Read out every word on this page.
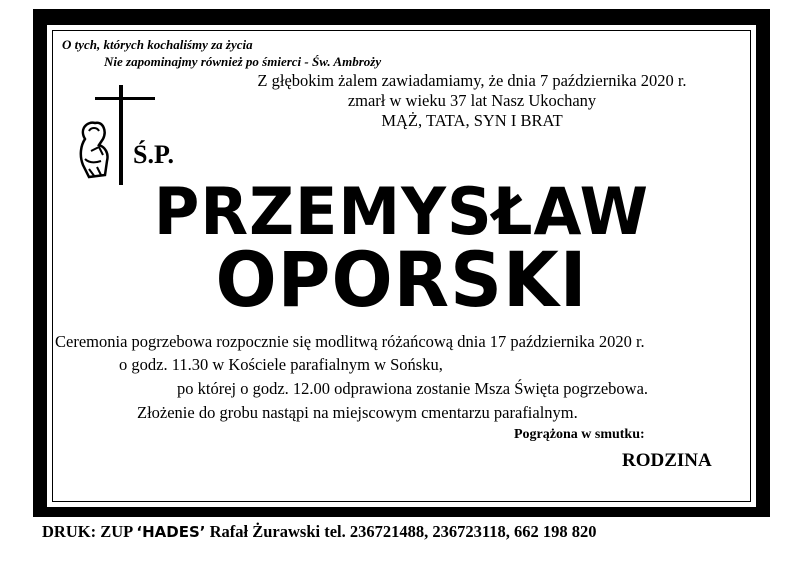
O tych, których kochaliśmy za życia
Nie zapominajmy również po śmierci - Św. Ambroży
Z głębokim żalem zawiadamiamy, że dnia 7 października 2020 r.
zmarł w wieku 37 lat Nasz Ukochany
MĄŻ, TATA, SYN I BRAT
Ś.P.
PRZEMYSŁAW
OPORSKI
Ceremonia pogrzebowa rozpocznie się modlitwą różańcową dnia 17 października 2020 r.
o godz. 11.30 w Kościele parafialnym w Sońsku,
po której o godz. 12.00 odprawiona zostanie Msza Święta pogrzebowa.
Złożenie do grobu nastąpi na miejscowym cmentarzu parafialnym.
Pogrążona w smutku:
RODZINA
DRUK: ZUP ‘HADES’ Rafał Żurawski tel. 236721488, 236723118, 662 198 820
